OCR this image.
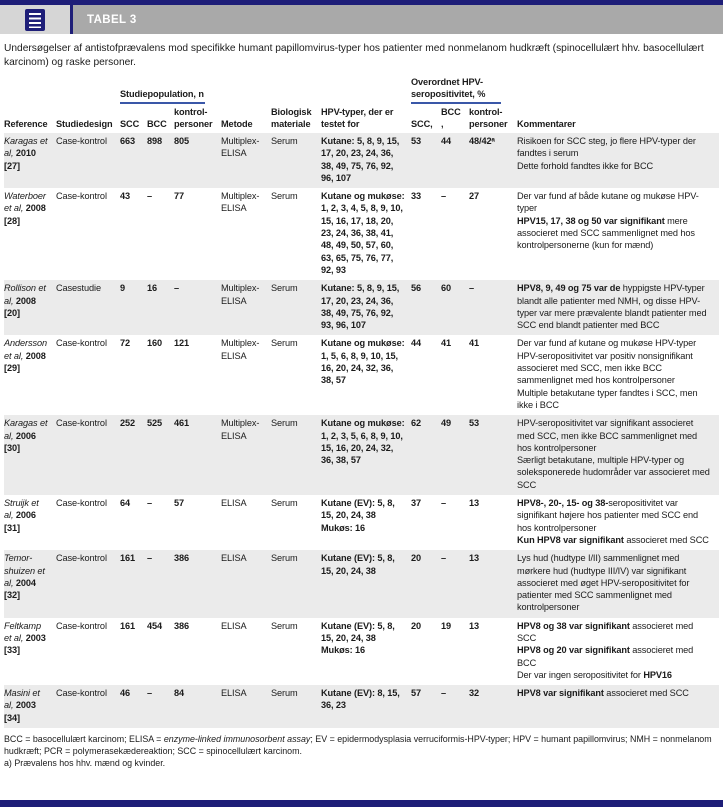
TABEL 3
Undersøgelser af antistofprævalens mod specifikke humant papillomvirus-typer hos patienter med nonmelanom hudkræft (spinocellulært hhv. basocellulært karcinom) og raske personer.

		Studiepopulation, n						Overordnet HPV-seropositivitet, %			

Reference	Studiedesign	SCC	BCC	kontrol-personer	Metode	Biologisk materiale	HPV-typer, der er testet for	SCC,	BCC,	kontrol-personer	Kommentarer
Karagas et al, 2010 [27]	Case-kontrol	663	898	805	Multiplex-ELISA	Serum	Kutane: 5, 8, 9, 15, 17, 20, 23, 24, 36, 38, 49, 75, 76, 92, 96, 107	53	44	48/42ᵃ	Risikoen for SCC steg, jo flere HPV-typer der fandtes i serum
Dette forhold fandtes ikke for BCC

Waterboer et al, 2008 [28]	Case-kontrol	43	–	77	Multiplex-ELISA	Serum	Kutane og mukøse: 1, 2, 3, 4, 5, 8, 9, 10, 15, 16, 17, 18, 20, 23, 24, 36, 38, 41, 48, 49, 50, 57, 60, 63, 65, 75, 76, 77, 92, 93	33	–	27	Der var fund af både kutane og mukøse HPV-typer
HPV15, 17, 38 og 50 var signifikant mere associeret med SCC sammenlignet med hos kontrolpersonerne (kun for mænd)

Rollison et al, 2008 [20]	Casestudie	9	16	–	Multiplex-ELISA	Serum	Kutane: 5, 8, 9, 15, 17, 20, 23, 24, 36, 38, 49, 75, 76, 92, 93, 96, 107	56	60	–	HPV8, 9, 49 og 75 var de hyppigste HPV-typer blandt alle patienter med NMH, og disse HPV-typer var mere prævalente blandt patienter med SCC end blandt patienter med BCC

Andersson et al, 2008 [29]	Case-kontrol	72	160	121	Multiplex-ELISA	Serum	Kutane og mukøse: 1, 5, 6, 8, 9, 10, 15, 16, 20, 24, 32, 36, 38, 57	44	41	41	Der var fund af kutane og mukøse HPV-typer
HPV-seropositivitet var positiv nonsignifikant associeret med SCC, men ikke BCC sammenlignet med hos kontrolpersoner
Multiple betakutane typer fandtes i SCC, men ikke i BCC

Karagas et al, 2006 [30]	Case-kontrol	252	525	461	Multiplex-ELISA	Serum	Kutane og mukøse: 1, 2, 3, 5, 6, 8, 9, 10, 15, 16, 20, 24, 32, 36, 38, 57	62	49	53	HPV-seropositivitet var signifikant associeret med SCC, men ikke BCC sammenlignet med hos kontrolpersoner
Særligt betakutane, multiple HPV-typer og soleksponerede hudområder var associeret med SCC

Struijk et al, 2006 [31]	Case-kontrol	64	–	57	ELISA	Serum	Kutane (EV): 5, 8, 15, 20, 24, 38
Mukøs: 16
	37	–	13	HPV8-, 20-, 15- og 38-seropositivitet var signifikant højere hos patienter med SCC end hos kontrolpersoner
Kun HPV8 var signifikant associeret med SCC

Temorshuizen et al, 2004 [32]	Case-kontrol	161	–	386	ELISA	Serum	Kutane (EV): 5, 8, 15, 20, 24, 38	20	–	13	Lys hud (hudtype I/II) sammenlignet med mørkere hud (hudtype III/IV) var signifikant associeret med øget HPV-seropositivitet for patienter med SCC sammenlignet med kontrolpersoner

Feltkamp et al, 2003 [33]	Case-kontrol	161	454	386	ELISA	Serum	Kutane (EV): 5, 8, 15, 20, 24, 38
Mukøs: 16
	20	19	13	HPV8 og 38 var signifikant associeret med SCC
HPV8 og 20 var signifikant associeret med BCC
Der var ingen seropositivitet for HPV16

Masini et al, 2003 [34]	Case-kontrol	46	–	84	ELISA	Serum	Kutane (EV): 8, 15, 36, 23	57	–	32	HPV8 var signifikant associeret med SCC
BCC = basocellulært karcinom; ELISA = enzyme-linked immunosorbent assay; EV = epidermodysplasia verruciformis-HPV-typer; HPV = humant papillomvirus; NMH = nonmelanom hudkræft; PCR = polymerasekædereaktion; SCC = spinocellulært karcinom.
a) Prævalens hos hhv. mænd og kvinder.
